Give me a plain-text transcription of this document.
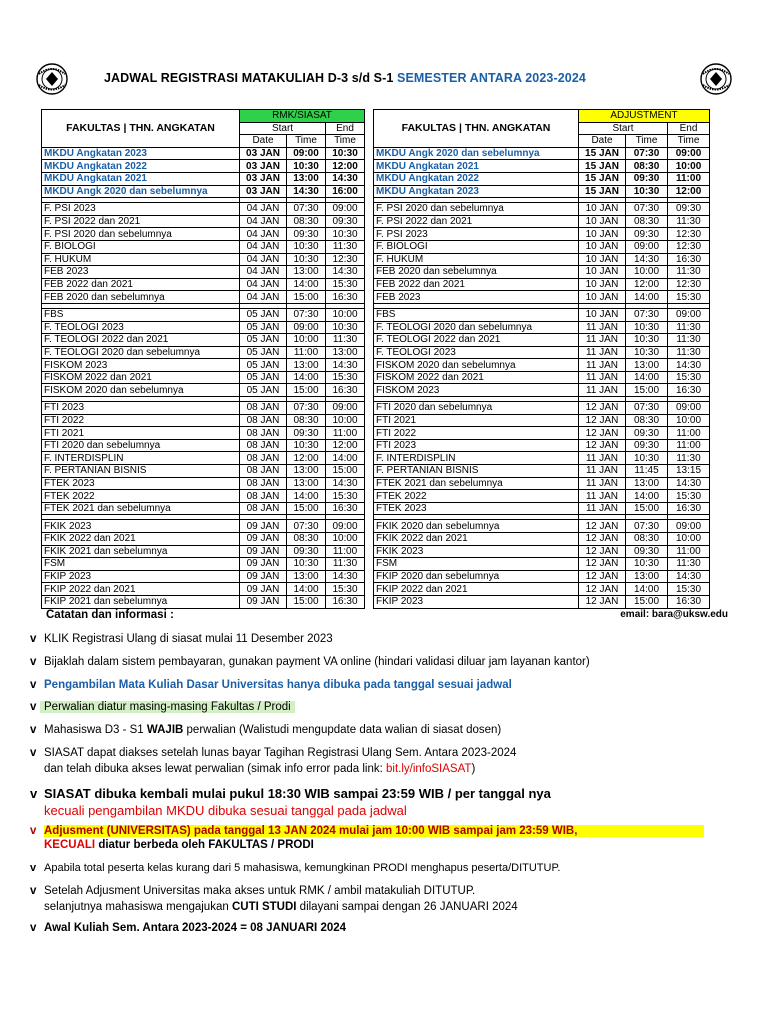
JADWAL REGISTRASI MATAKULIAH D-3 s/d S-1 SEMESTER ANTARA 2023-2024
FAKULTAS | THN. ANGKATAN	RMK/SIASAT		
	Start		End
	Date	Time	Time
MKDU Angkatan 2023	03 JAN	09:00	10:30
MKDU Angkatan 2022	03 JAN	10:30	12:00
MKDU Angkatan 2021	03 JAN	13:00	14:30
MKDU Angk 2020 dan sebelumnya	03 JAN	14:30	16:00

F. PSI 2023	04 JAN	07:30	09:00
F. PSI 2022 dan 2021	04 JAN	08:30	09:30
F. PSI 2020 dan sebelumnya	04 JAN	09:30	10:30
F. BIOLOGI	04 JAN	10:30	11:30
F. HUKUM	04 JAN	10:30	12:30
FEB 2023	04 JAN	13:00	14:30
FEB 2022 dan 2021	04 JAN	14:00	15:30
FEB 2020 dan sebelumnya	04 JAN	15:00	16:30

FBS	05 JAN	07:30	10:00
F. TEOLOGI 2023	05 JAN	09:00	10:30
F. TEOLOGI 2022 dan 2021	05 JAN	10:00	11:30
F. TEOLOGI 2020 dan sebelumnya	05 JAN	11:00	13:00
FISKOM 2023	05 JAN	13:00	14:30
FISKOM 2022 dan 2021	05 JAN	14:00	15:30
FISKOM 2020 dan sebelumnya	05 JAN	15:00	16:30

FTI 2023	08 JAN	07:30	09:00
FTI 2022	08 JAN	08:30	10:00
FTI 2021	08 JAN	09:30	11:00
FTI 2020 dan sebelumnya	08 JAN	10:30	12:00
F. INTERDISPLIN	08 JAN	12:00	14:00
F. PERTANIAN BISNIS	08 JAN	13:00	15:00
FTEK 2023	08 JAN	13:00	14:30
FTEK 2022	08 JAN	14:00	15:30
FTEK 2021 dan sebelumnya	08 JAN	15:00	16:30

FKIK 2023	09 JAN	07:30	09:00
FKIK 2022 dan 2021	09 JAN	08:30	10:00
FKIK 2021 dan sebelumnya	09 JAN	09:30	11:00
FSM	09 JAN	10:30	11:30
FKIP 2023	09 JAN	13:00	14:30
FKIP 2022 dan 2021	09 JAN	14:00	15:30
FKIP 2021 dan sebelumnya	09 JAN	15:00	16:30
FAKULTAS | THN. ANGKATAN	ADJUSTMENT		
	Start		End
	Date	Time	Time
MKDU Angk 2020 dan sebelumnya	15 JAN	07:30	09:00
MKDU Angkatan 2021	15 JAN	08:30	10:00
MKDU Angkatan 2022	15 JAN	09:30	11:00
MKDU Angkatan 2023	15 JAN	10:30	12:00

F. PSI 2020 dan sebelumnya	10 JAN	07:30	09:30
F. PSI 2022 dan 2021	10 JAN	08:30	11:30
F. PSI 2023	10 JAN	09:30	12:30
F. BIOLOGI	10 JAN	09:00	12:30
F. HUKUM	10 JAN	14:30	16:30
FEB 2020 dan sebelumnya	10 JAN	10:00	11:30
FEB 2022 dan 2021	10 JAN	12:00	12:30
FEB 2023	10 JAN	14:00	15:30

FBS	10 JAN	07:30	09:00
F. TEOLOGI 2020 dan sebelumnya	11 JAN	10:30	11:30
F. TEOLOGI 2022 dan 2021	11 JAN	10:30	11:30
F. TEOLOGI 2023	11 JAN	10:30	11:30
FISKOM 2020 dan sebelumnya	11 JAN	13:00	14:30
FISKOM 2022 dan 2021	11 JAN	14:00	15:30
FISKOM 2023	11 JAN	15:00	16:30

FTI 2020 dan sebelumnya	12 JAN	07:30	09:00
FTI 2021	12 JAN	08:30	10:00
FTI 2022	12 JAN	09:30	11:00
FTI 2023	12 JAN	09:30	11:00
F. INTERDISPLIN	11 JAN	10:30	11:30
F. PERTANIAN BISNIS	11 JAN	11:45	13:15
FTEK 2021 dan sebelumnya	11 JAN	13:00	14:30
FTEK 2022	11 JAN	14:00	15:30
FTEK 2023	11 JAN	15:00	16:30

FKIK 2020 dan sebelumnya	12 JAN	07:30	09:00
FKIK 2022 dan 2021	12 JAN	08:30	10:00
FKIK 2023	12 JAN	09:30	11:00
FSM	12 JAN	10:30	11:30
FKIP 2020 dan sebelumnya	12 JAN	13:00	14:30
FKIP 2022 dan 2021	12 JAN	14:00	15:30
FKIP 2023	12 JAN	15:00	16:30
Catatan dan informasi :	email: bara@uksw.edu
v KLIK Registrasi Ulang di siasat mulai 11 Desember 2023
v Bijaklah dalam sistem pembayaran, gunakan payment VA online (hindari validasi diluar jam layanan kantor)
v Pengambilan Mata Kuliah Dasar Universitas hanya dibuka pada tanggal sesuai jadwal
v Perwalian diatur masing-masing Fakultas / Prodi
v Mahasiswa D3 - S1 WAJIB perwalian (Walistudi mengupdate data walian di siasat dosen)
v SIASAT dapat diakses setelah lunas bayar Tagihan Registrasi Ulang Sem. Antara 2023-2024
dan telah dibuka akses lewat perwalian (simak info error pada link: bit.ly/infoSIASAT)
v SIASAT dibuka kembali mulai pukul 18:30 WIB sampai 23:59 WIB / per tanggal nya
kecuali pengambilan MKDU dibuka sesuai tanggal pada jadwal
v Adjusment (UNIVERSITAS) pada tanggal 13 JAN 2024 mulai jam 10:00 WIB sampai jam 23:59 WIB,
KECUALI diatur berbeda oleh FAKULTAS / PRODI
v Apabila total peserta kelas kurang dari 5 mahasiswa, kemungkinan PRODI menghapus peserta/DITUTUP.
v Setelah Adjusment Universitas maka akses untuk RMK / ambil matakuliah DITUTUP.
selanjutnya mahasiswa mengajukan CUTI STUDI dilayani sampai dengan 26 JANUARI 2024
v Awal Kuliah Sem. Antara 2023-2024 = 08 JANUARI 2024
